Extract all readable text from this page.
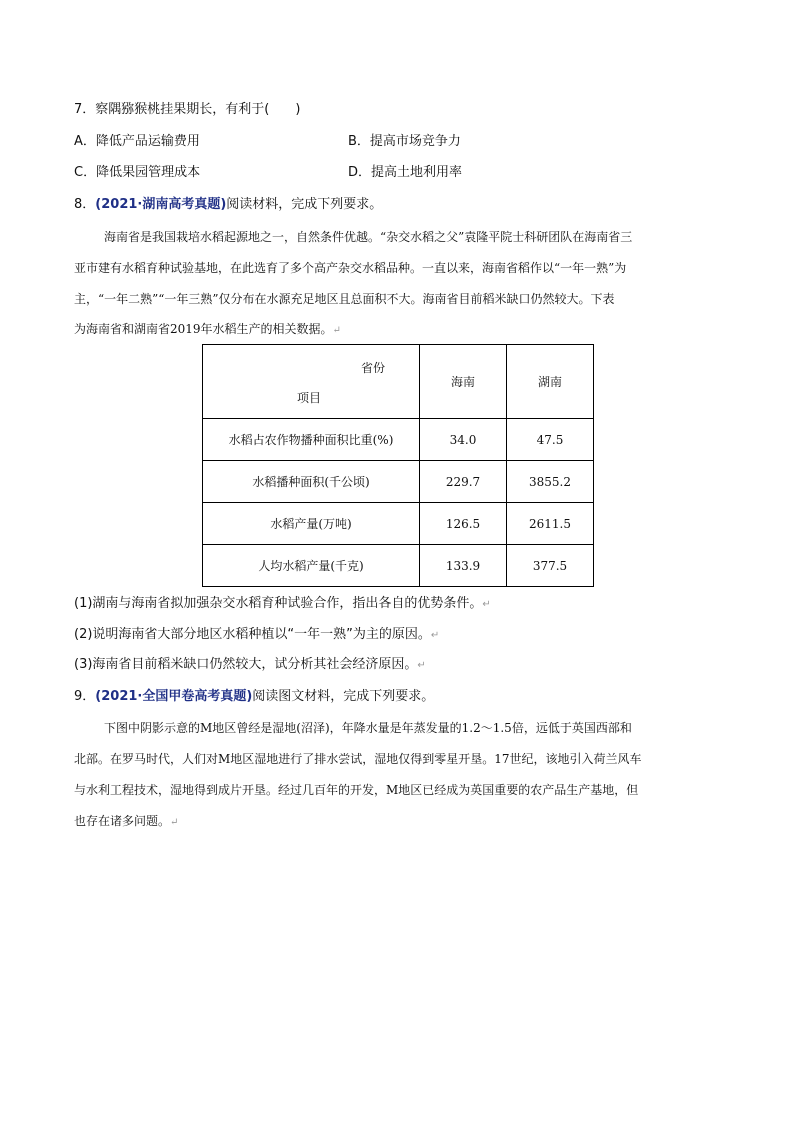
7．察隅猕猴桃挂果期长，有利于(　　)
A．降低产品运输费用	B．提高市场竞争力
C．降低果园管理成本	D．提高土地利用率
8．(2021·湖南高考真题)阅读材料，完成下列要求。
海南省是我国栽培水稻起源地之一，自然条件优越。“杂交水稻之父”袁隆平院士科研团队在海南省三
亚市建有水稻育种试验基地，在此选育了多个高产杂交水稻品种。一直以来，海南省稻作以“一年一熟”为
主，“一年二熟”“一年三熟”仅分布在水源充足地区且总面积不大。海南省目前稻米缺口仍然较大。下表
为海南省和湖南省2019年水稻生产的相关数据。↵
省份
项目	海南	湖南
水稻占农作物播种面积比重(%)	34.0	47.5
水稻播种面积(千公顷)	229.7	3855.2
水稻产量(万吨)	126.5	2611.5
人均水稻产量(千克)	133.9	377.5
(1)湖南与海南省拟加强杂交水稻育种试验合作，指出各自的优势条件。↵
(2)说明海南省大部分地区水稻种植以“一年一熟”为主的原因。↵
(3)海南省目前稻米缺口仍然较大，试分析其社会经济原因。↵
9．(2021·全国甲卷高考真题)阅读图文材料，完成下列要求。
下图中阴影示意的M地区曾经是湿地(沼泽)，年降水量是年蒸发量的1.2～1.5倍，远低于英国西部和
北部。在罗马时代，人们对M地区湿地进行了排水尝试，湿地仅得到零星开垦。17世纪，该地引入荷兰风车
与水利工程技术，湿地得到成片开垦。经过几百年的开发，M地区已经成为英国重要的农产品生产基地，但
也存在诸多问题。↵
